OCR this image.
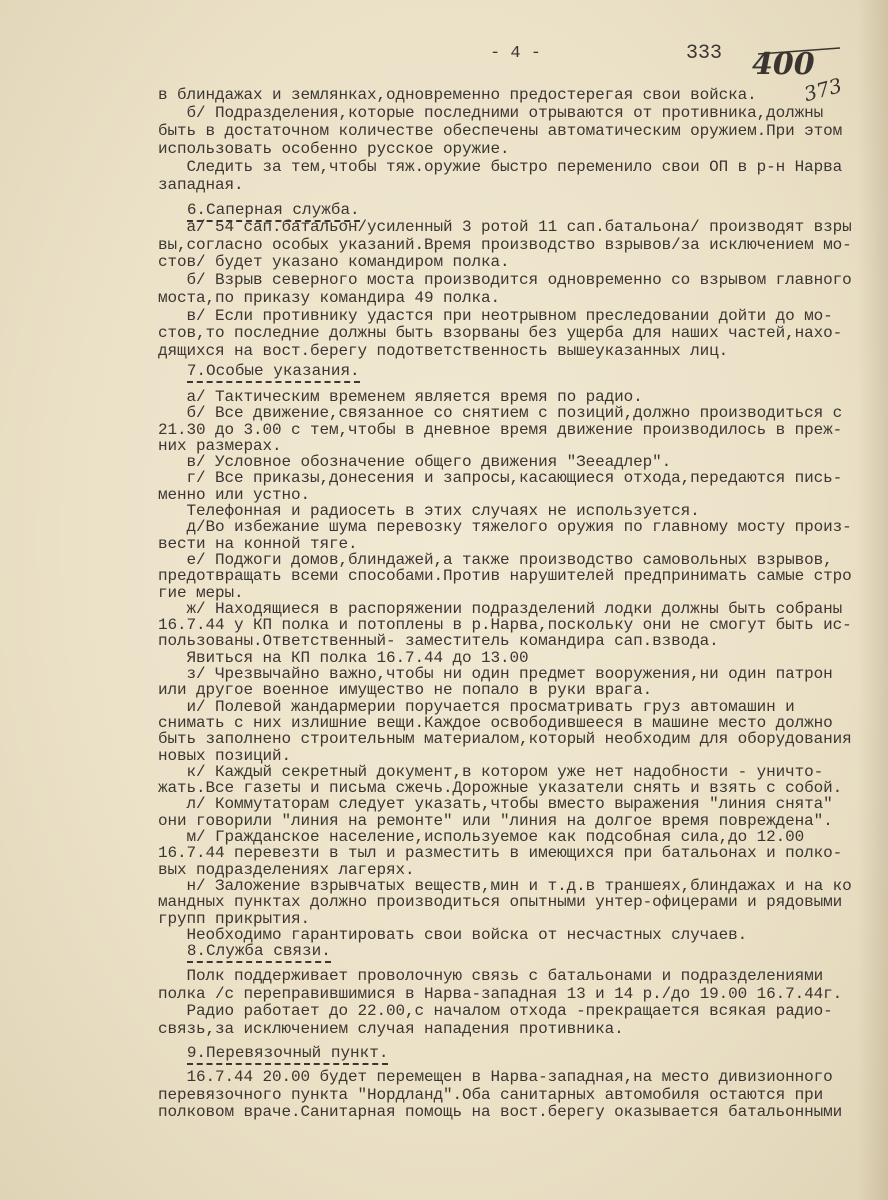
- 4 -	333 400
373
в блиндажах и землянках,одновременно предостерегая свои войска.
б/ Подразделения,которые последними отрываются от противника,должны
быть в достаточном количестве обеспечены автоматическим оружием.При этом
использовать особенно русское оружие.
Следить за тем,чтобы тяж.оружие быстро переменило свои ОП в р-н Нарва
западная.
6.Саперная служба.
а/ 54 сап.батальон/усиленный 3 ротой 11 сап.батальона/ производят взры
вы,согласно особых указаний.Время производство взрывов/за исключением мо-
стов/ будет указано командиром полка.
б/ Взрыв северного моста производится одновременно со взрывом главного
моста,по приказу командира 49 полка.
в/ Если противнику удастся при неотрывном преследовании дойти до мо-
стов,то последние должны быть взорваны без ущерба для наших частей,нахо-
дящихся на вост.берегу подответственность вышеуказанных лиц.
7.Особые указания.
а/ Тактическим временем является время по радио.
б/ Все движение,связанное со снятием с позиций,должно производиться с
21.30 до 3.00 с тем,чтобы в дневное время движение производилось в преж-
них размерах.
в/ Условное обозначение общего движения "Зееадлер".
г/ Все приказы,донесения и запросы,касающиеся отхода,передаются пись-
менно или устно.
Телефонная и радиосеть в этих случаях не используется.
д/Во избежание шума перевозку тяжелого оружия по главному мосту произ-
вести на конной тяге.
е/ Поджоги домов,блиндажей,а также производство самовольных взрывов,
предотвращать всеми способами.Против нарушителей предпринимать самые стро
гие меры.
ж/ Находящиеся в распоряжении подразделений лодки должны быть собраны
16.7.44 у КП полка и потоплены в р.Нарва,поскольку они не смогут быть ис-
пользованы.Ответственный- заместитель командира сап.взвода.
Явиться на КП полка 16.7.44 до 13.00
з/ Чрезвычайно важно,чтобы ни один предмет вооружения,ни один патрон
или другое военное имущество не попало в руки врага.
и/ Полевой жандармерии поручается просматривать груз автомашин и
снимать с них излишние вещи.Каждое освободившееся в машине место должно
быть заполнено строительным материалом,который необходим для оборудования
новых позиций.
к/ Каждый секретный документ,в котором уже нет надобности - уничто-
жать.Все газеты и письма сжечь.Дорожные указатели снять и взять с собой.
л/ Коммутаторам следует указать,чтобы вместо выражения "линия снята"
они говорили "линия на ремонте" или "линия на долгое время повреждена".
м/ Гражданское население,используемое как подсобная сила,до 12.00
16.7.44 перевезти в тыл и разместить в имеющихся при батальонах и полко-
вых подразделениях лагерях.
н/ Заложение взрывчатых веществ,мин и т.д.в траншеях,блиндажах и на ко
мандных пунктах должно производиться опытными унтер-офицерами и рядовыми
групп прикрытия.
Необходимо гарантировать свои войска от несчастных случаев.
8.Служба связи.
Полк поддерживает проволочную связь с батальонами и подразделениями
полка /с переправившимися в Нарва-западная 13 и 14 р./до 19.00 16.7.44г.
Радио работает до 22.00,с началом отхода -прекращается всякая радио-
связь,за исключением случая нападения противника.
9.Перевязочный пункт.
16.7.44 20.00 будет перемещен в Нарва-западная,на место дивизионного
перевязочного пункта "Нордланд".Оба санитарных автомобиля остаются при
полковом враче.Санитарная помощь на вост.берегу оказывается батальонными
